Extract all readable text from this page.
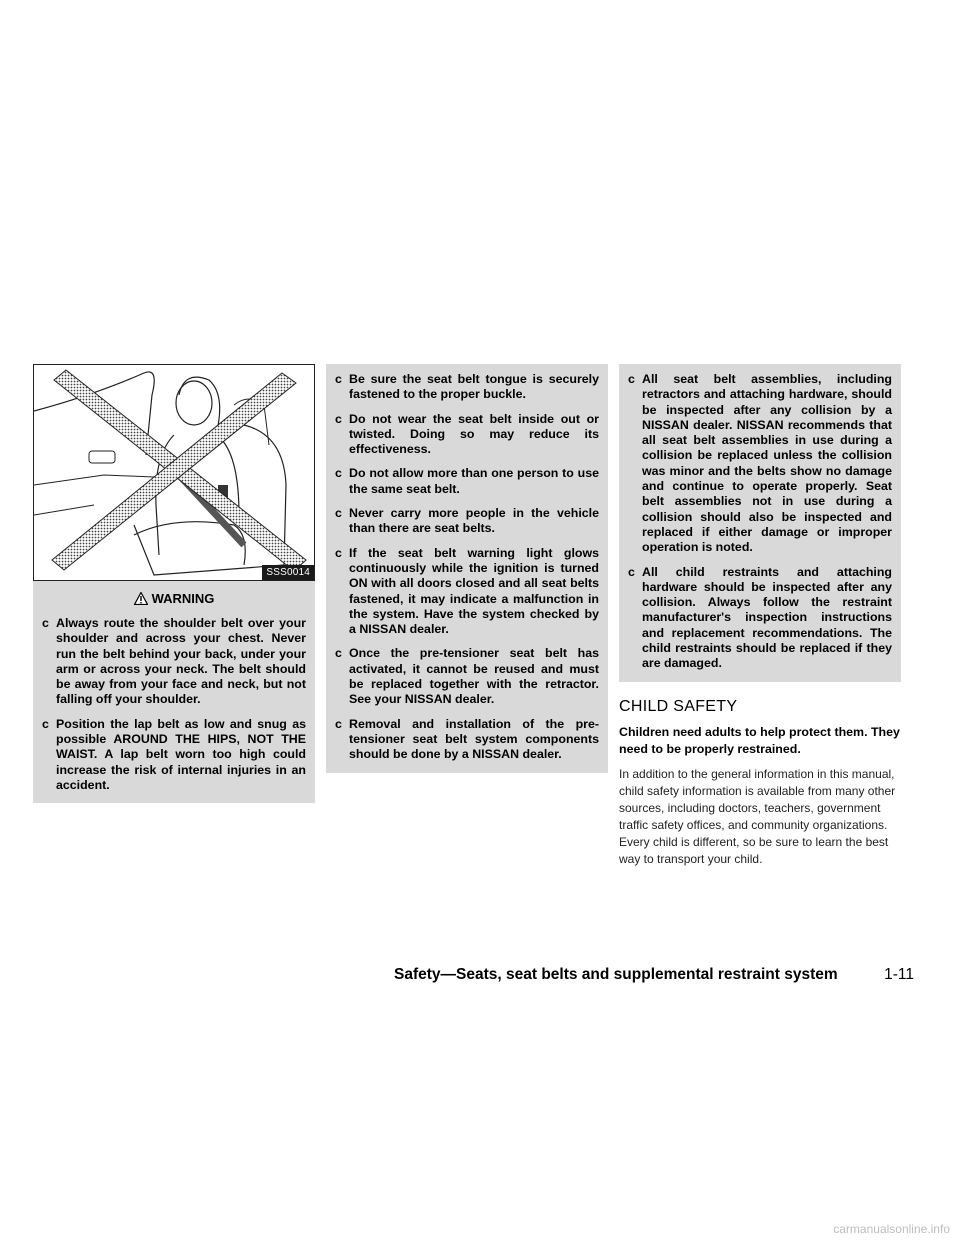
SSS0014
WARNING
c Always route the shoulder belt over your shoulder and across your chest. Never run the belt behind your back, under your arm or across your neck. The belt should be away from your face and neck, but not falling off your shoulder.
c Position the lap belt as low and snug as possible AROUND THE HIPS, NOT THE WAIST. A lap belt worn too high could increase the risk of internal injuries in an accident.
c Be sure the seat belt tongue is securely fastened to the proper buckle.
c Do not wear the seat belt inside out or twisted. Doing so may reduce its effectiveness.
c Do not allow more than one person to use the same seat belt.
c Never carry more people in the vehicle than there are seat belts.
c If the seat belt warning light glows continuously while the ignition is turned ON with all doors closed and all seat belts fastened, it may indicate a malfunction in the system. Have the system checked by a NISSAN dealer.
c Once the pre-tensioner seat belt has activated, it cannot be reused and must be replaced together with the retractor. See your NISSAN dealer.
c Removal and installation of the pre-tensioner seat belt system components should be done by a NISSAN dealer.
c All seat belt assemblies, including retractors and attaching hardware, should be inspected after any collision by a NISSAN dealer. NISSAN recommends that all seat belt assemblies in use during a collision be replaced unless the collision was minor and the belts show no damage and continue to operate properly. Seat belt assemblies not in use during a collision should also be inspected and replaced if either damage or improper operation is noted.
c All child restraints and attaching hardware should be inspected after any collision. Always follow the restraint manufacturer's inspection instructions and replacement recommendations. The child restraints should be replaced if they are damaged.
CHILD SAFETY

Children need adults to help protect them. They need to be properly restrained.

In addition to the general information in this manual, child safety information is available from many other sources, including doctors, teachers, government traffic safety offices, and community organizations. Every child is different, so be sure to learn the best way to transport your child.

Safety—Seats, seat belts and supplemental restraint system	1-11
carmanualsonline.info
